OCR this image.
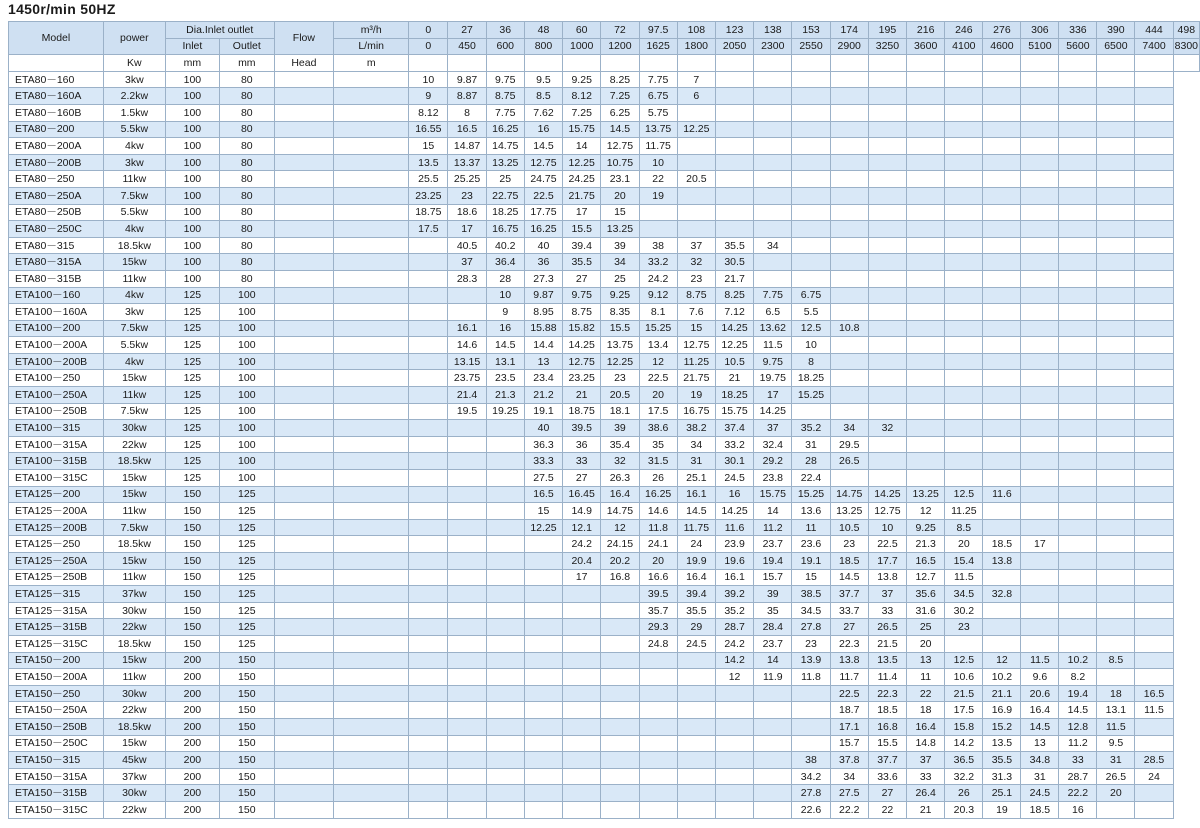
1450r/min 50HZ
Model	power	Dia.Inlet outlet		Flow	m³/h	0	27	36	48	60	72	97.5	108	123	138	153	174	195	216	246	276	306	336	390	444	498
		Inlet	Outlet		L/min	0	450	600	800	1000	1200	1625	1800	2050	2300	2550	2900	3250	3600	4100	4600	5100	5600	6500	7400	8300
	Kw	mm	mm	Head	m																					
ETA80－160	3kw	100	80			10	9.87	9.75	9.5	9.25	8.25	7.75	7													
ETA80－160A	2.2kw	100	80			9	8.87	8.75	8.5	8.12	7.25	6.75	6													
ETA80－160B	1.5kw	100	80			8.12	8	7.75	7.62	7.25	6.25	5.75														
ETA80－200	5.5kw	100	80			16.55	16.5	16.25	16	15.75	14.5	13.75	12.25													
ETA80－200A	4kw	100	80			15	14.87	14.75	14.5	14	12.75	11.75														
ETA80－200B	3kw	100	80			13.5	13.37	13.25	12.75	12.25	10.75	10														
ETA80－250	11kw	100	80			25.5	25.25	25	24.75	24.25	23.1	22	20.5													
ETA80－250A	7.5kw	100	80			23.25	23	22.75	22.5	21.75	20	19														
ETA80－250B	5.5kw	100	80			18.75	18.6	18.25	17.75	17	15															
ETA80－250C	4kw	100	80			17.5	17	16.75	16.25	15.5	13.25															
ETA80－315	18.5kw	100	80				40.5	40.2	40	39.4	39	38	37	35.5	34											
ETA80－315A	15kw	100	80				37	36.4	36	35.5	34	33.2	32	30.5												
ETA80－315B	11kw	100	80				28.3	28	27.3	27	25	24.2	23	21.7												
ETA100－160	4kw	125	100					10	9.87	9.75	9.25	9.12	8.75	8.25	7.75	6.75										
ETA100－160A	3kw	125	100					9	8.95	8.75	8.35	8.1	7.6	7.12	6.5	5.5										
ETA100－200	7.5kw	125	100				16.1	16	15.88	15.82	15.5	15.25	15	14.25	13.62	12.5	10.8									
ETA100－200A	5.5kw	125	100				14.6	14.5	14.4	14.25	13.75	13.4	12.75	12.25	11.5	10										
ETA100－200B	4kw	125	100				13.15	13.1	13	12.75	12.25	12	11.25	10.5	9.75	8										
ETA100－250	15kw	125	100				23.75	23.5	23.4	23.25	23	22.5	21.75	21	19.75	18.25										
ETA100－250A	11kw	125	100				21.4	21.3	21.2	21	20.5	20	19	18.25	17	15.25										
ETA100－250B	7.5kw	125	100				19.5	19.25	19.1	18.75	18.1	17.5	16.75	15.75	14.25											
ETA100－315	30kw	125	100						40	39.5	39	38.6	38.2	37.4	37	35.2	34	32								
ETA100－315A	22kw	125	100						36.3	36	35.4	35	34	33.2	32.4	31	29.5									
ETA100－315B	18.5kw	125	100						33.3	33	32	31.5	31	30.1	29.2	28	26.5									
ETA100－315C	15kw	125	100						27.5	27	26.3	26	25.1	24.5	23.8	22.4										
ETA125－200	15kw	150	125						16.5	16.45	16.4	16.25	16.1	16	15.75	15.25	14.75	14.25	13.25	12.5	11.6					
ETA125－200A	11kw	150	125						15	14.9	14.75	14.6	14.5	14.25	14	13.6	13.25	12.75	12	11.25						
ETA125－200B	7.5kw	150	125						12.25	12.1	12	11.8	11.75	11.6	11.2	11	10.5	10	9.25	8.5						
ETA125－250	18.5kw	150	125							24.2	24.15	24.1	24	23.9	23.7	23.6	23	22.5	21.3	20	18.5	17				
ETA125－250A	15kw	150	125							20.4	20.2	20	19.9	19.6	19.4	19.1	18.5	17.7	16.5	15.4	13.8					
ETA125－250B	11kw	150	125							17	16.8	16.6	16.4	16.1	15.7	15	14.5	13.8	12.7	11.5						
ETA125－315	37kw	150	125									39.5	39.4	39.2	39	38.5	37.7	37	35.6	34.5	32.8					
ETA125－315A	30kw	150	125									35.7	35.5	35.2	35	34.5	33.7	33	31.6	30.2						
ETA125－315B	22kw	150	125									29.3	29	28.7	28.4	27.8	27	26.5	25	23						
ETA125－315C	18.5kw	150	125									24.8	24.5	24.2	23.7	23	22.3	21.5	20							
ETA150－200	15kw	200	150											14.2	14	13.9	13.8	13.5	13	12.5	12	11.5	10.2	8.5		
ETA150－200A	11kw	200	150											12	11.9	11.8	11.7	11.4	11	10.6	10.2	9.6	8.2			
ETA150－250	30kw	200	150														22.5	22.3	22	21.5	21.1	20.6	19.4	18	16.5	
ETA150－250A	22kw	200	150														18.7	18.5	18	17.5	16.9	16.4	14.5	13.1	11.5	
ETA150－250B	18.5kw	200	150														17.1	16.8	16.4	15.8	15.2	14.5	12.8	11.5		
ETA150－250C	15kw	200	150														15.7	15.5	14.8	14.2	13.5	13	11.2	9.5		
ETA150－315	45kw	200	150													38	37.8	37.7	37	36.5	35.5	34.8	33	31	28.5	
ETA150－315A	37kw	200	150													34.2	34	33.6	33	32.2	31.3	31	28.7	26.5	24	
ETA150－315B	30kw	200	150													27.8	27.5	27	26.4	26	25.1	24.5	22.2	20		
ETA150－315C	22kw	200	150													22.6	22.2	22	21	20.3	19	18.5	16			
